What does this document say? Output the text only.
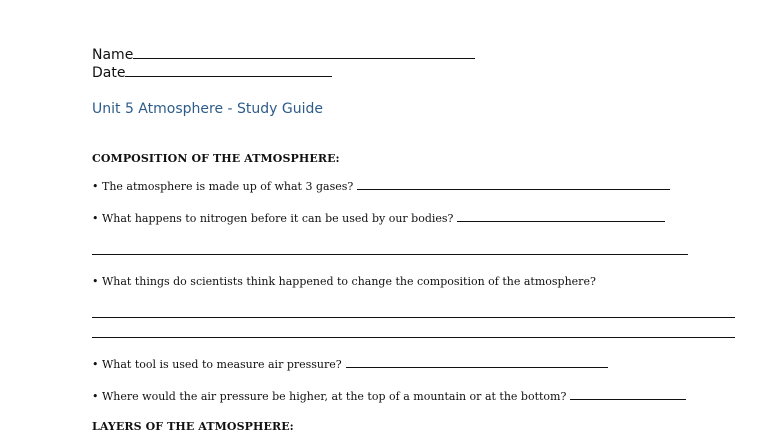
Name
Date
Unit 5 Atmosphere - Study Guide
COMPOSITION OF THE ATMOSPHERE:
• The atmosphere is made up of what 3 gases?
• What happens to nitrogen before it can be used by our bodies?
• What things do scientists think happened to change the composition of the atmosphere?
• What tool is used to measure air pressure?
• Where would the air pressure be higher, at the top of a mountain or at the bottom?
LAYERS OF THE ATMOSPHERE:
